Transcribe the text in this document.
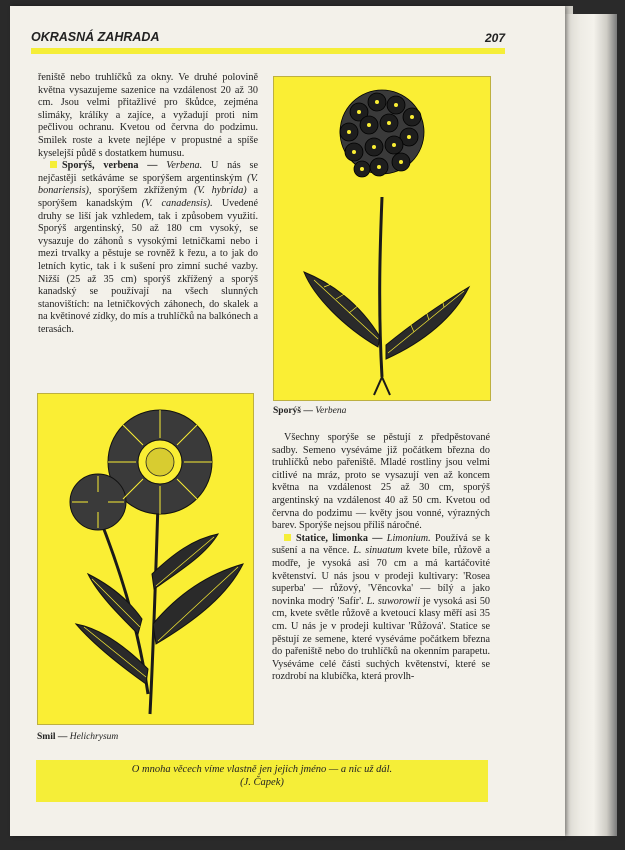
OKRASNÁ ZAHRADA	207

řeniště nebo truhlíčků za okny. Ve druhé polovině května vysazujeme sazenice na vzdálenost 20 až 30 cm. Jsou velmi přitažlivé pro škůdce, zejména slimáky, králíky a zajíce, a vyžadují proti nim pečlivou ochranu. Kvetou od června do podzimu. Smilek roste a kvete nejlépe v propustné a spíše kyselejší půdě s dostatkem humusu.

Sporýš, verbena — Verbena. U nás se nejčastěji setkáváme se sporýšem argentinským (V. bonariensis), sporýšem zkříženým (V. hybrida) a sporýšem kanadským (V. canadensis). Uvedené druhy se liší jak vzhledem, tak i způsobem využití. Sporýš argentinský, 50 až 180 cm vysoký, se vysazuje do záhonů s vysokými letničkami nebo i mezi trvalky a pěstuje se rovněž k řezu, a to jak do letních kytic, tak i k sušení pro zimní suché vazby. Nižší (25 až 35 cm) sporýš zkřížený a sporýš kanadský se používají na všech slunných stanovištích: na letničkových záhonech, do skalek a na květinové zídky, do mís a truhlíčků na balkónech a terasách.

Sporýš — Verbena
Smil — Helichrysum

Všechny sporýše se pěstují z předpěstované sadby. Semeno vyséváme již počátkem března do truhlíčků nebo pařeniště. Mladé rostliny jsou velmi citlivé na mráz, proto se vysazují ven až koncem května na vzdálenost 25 až 30 cm, sporýš argentinský na vzdálenost 40 až 50 cm. Kvetou od června do podzimu — květy jsou vonné, výrazných barev. Sporýše nejsou příliš náročné.

Statice, limonka — Limonium. Používá se k sušení a na věnce. L. sinuatum kvete bíle, růžově a modře, je vysoká asi 70 cm a má kartáčovité květenství. U nás jsou v prodeji kultivary: 'Rosea superba' — růžový, 'Věncovka' — bílý a jako novinka modrý 'Safír'. L. suworowii je vysoká asi 50 cm, kvete světle růžově a kvetoucí klasy měří asi 35 cm. U nás je v prodeji kultivar 'Růžová'. Statice se pěstují ze semene, které vyséváme počátkem března do pařeniště nebo do truhlíčků na okenním parapetu. Vyséváme celé části suchých květenství, které se rozdrobí na klubíčka, která provlh-

O mnoha věcech víme vlastně jen jejich jméno — a nic už dál.
(J. Čapek)
